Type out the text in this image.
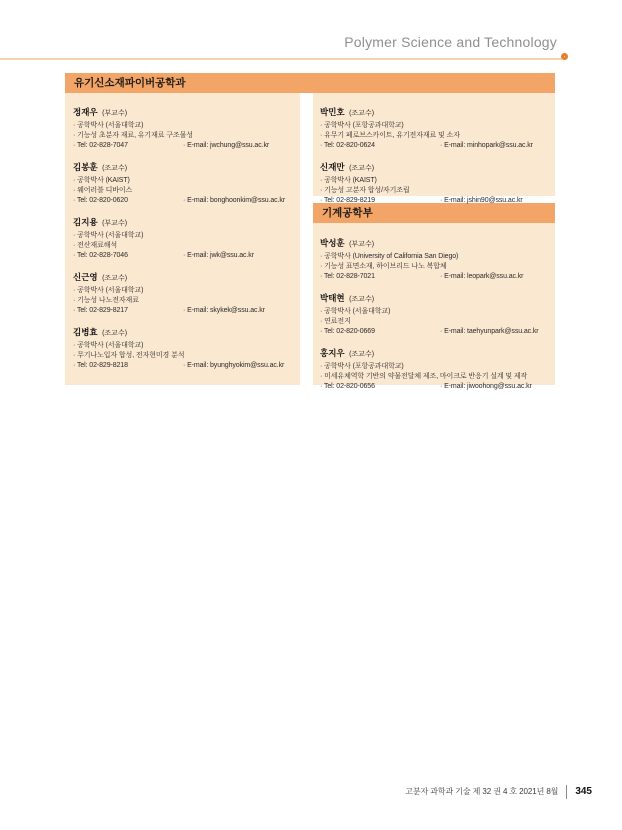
Polymer Science and Technology
유기신소재파이버공학과
정재우 (부교수)
· 공학박사 (서울대학교)
· 기능성 초분자 재료, 유기재료 구조물성
· Tel: 02-828-7047	· E-mail: jwchung@ssu.ac.kr
김봉훈 (조교수)
· 공학박사 (KAIST)
· 웨어러블 디바이스
· Tel: 02-820-0620	· E-mail: bonghoonkim@ssu.ac.kr
김지용 (부교수)
· 공학박사 (서울대학교)
· 전산재료해석
· Tel: 02-828-7046	· E-mail: jwk@ssu.ac.kr
신근영 (조교수)
· 공학박사 (서울대학교)
· 기능성 나노전자재료
· Tel: 02-829-8217	· E-mail: skykek@ssu.ac.kr
김병효 (조교수)
· 공학박사 (서울대학교)
· 무기나노입자 합성, 전자현미경 분석
· Tel: 02-829-8218	· E-mail: byunghyokim@ssu.ac.kr
박민호 (조교수)
· 공학박사 (포항공과대학교)
· 유무기 페로브스카이트, 유기전자재료 및 소자
· Tel: 02-820-0624	· E-mail: minhopark@ssu.ac.kr
신재만 (조교수)
· 공학박사 (KAIST)
· 기능성 고분자 합성/자기조립
· Tel: 02-829-8219	· E-mail: jshin90@ssu.ac.kr
기계공학부
박성훈 (부교수)
· 공학박사 (University of California San Diego)
· 기능성 표면소재, 하이브리드 나노 복합체
· Tel: 02-828-7021	· E-mail: leopark@ssu.ac.kr
박태현 (조교수)
· 공학박사 (서울대학교)
· 연료전지
· Tel: 02-820-0669	· E-mail: taehyunpark@ssu.ac.kr
홍지우 (조교수)
· 공학박사 (포항공과대학교)
· 미세유체역학 기반의 약물전달체 제조, 마이크로 반응기 설계 및 제작
· Tel: 02-820-0656	· E-mail: jiwoohong@ssu.ac.kr
고분자 과학과 기술 제 32 권 4 호 2021년 8월 345
